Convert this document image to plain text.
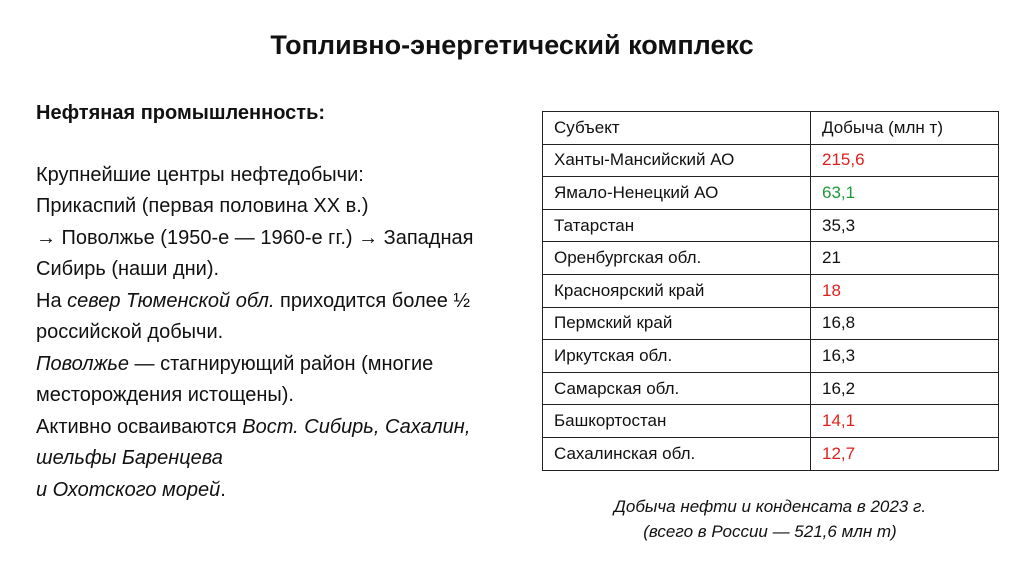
Топливно-энергетический комплекс
Нефтяная промышленность:
Крупнейшие центры нефтедобычи:
Прикаспий (первая половина XX в.)
→ Поволжье (1950-е — 1960-е гг.) → Западная
Сибирь (наши дни).
На север Тюменской обл. приходится более ½
российской добычи.
Поволжье — стагнирующий район (многие
месторождения истощены).
Активно осваиваются Вост. Сибирь, Сахалин,
шельфы Баренцева
и Охотского морей.
Субъект	Добыча (млн т)
Ханты-Мансийский АО	215,6
Ямало-Ненецкий АО	63,1
Татарстан	35,3
Оренбургская обл.	21
Красноярский край	18
Пермский край	16,8
Иркутская обл.	16,3
Самарская обл.	16,2
Башкортостан	14,1
Сахалинская обл.	12,7
Добыча нефти и конденсата в 2023 г.
(всего в России — 521,6 млн т)
